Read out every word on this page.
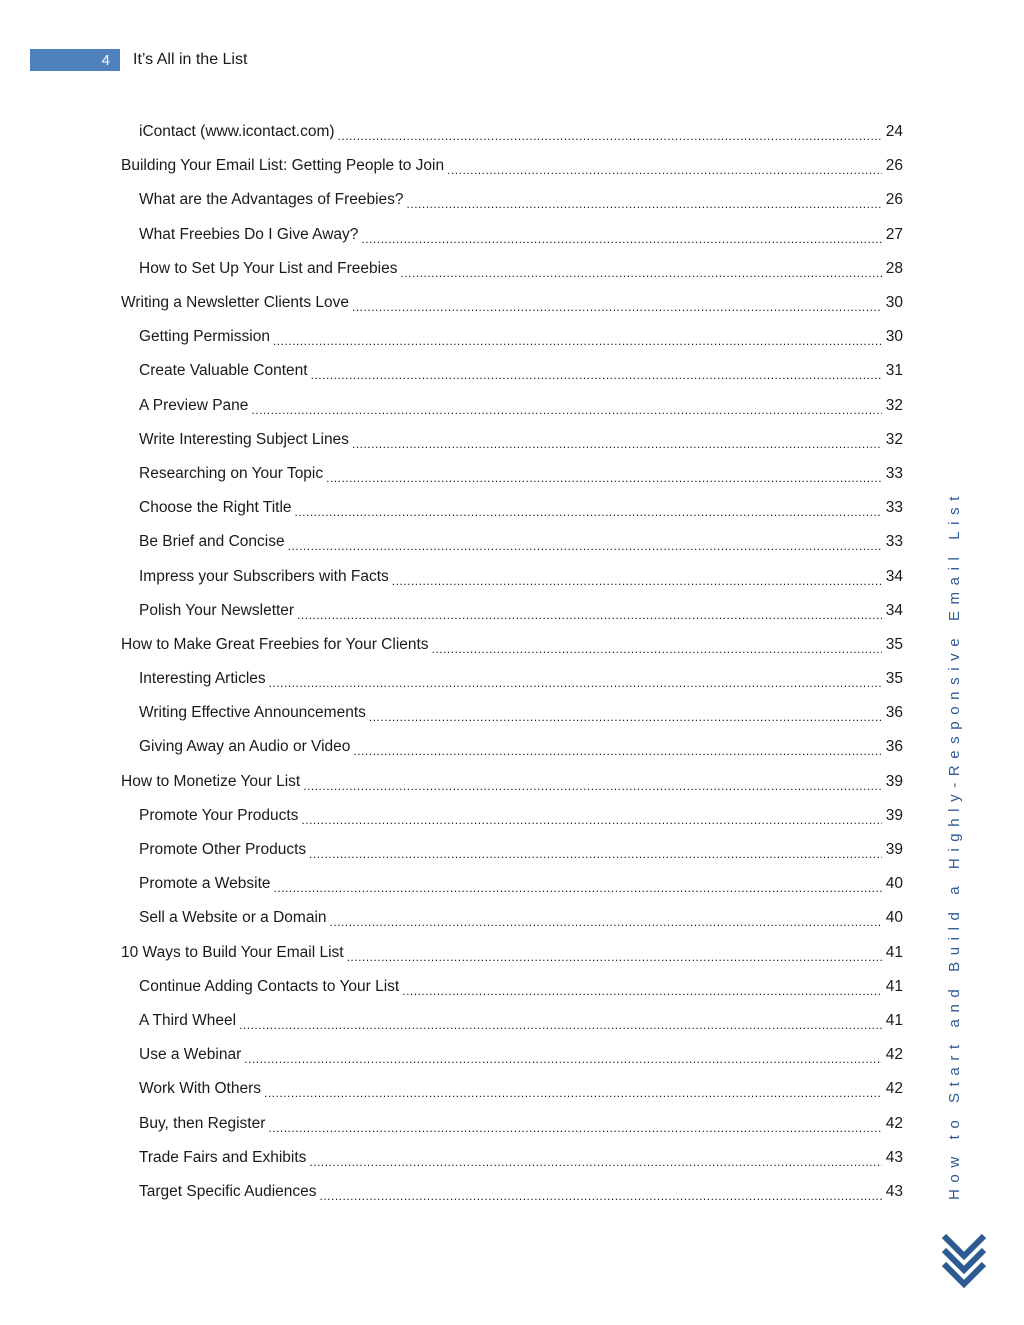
4	It’s All in the List
iContact (www.icontact.com) .....	24
Building Your Email List: Getting People to Join .....	26
What are the Advantages of Freebies? .....	26
What Freebies Do I Give Away? .....	27
How to Set Up Your List and Freebies .....	28
Writing a Newsletter Clients Love .....	30
Getting Permission .....	30
Create Valuable Content .....	31
A Preview Pane .....	32
Write Interesting Subject Lines .....	32
Researching on Your Topic .....	33
Choose the Right Title .....	33
Be Brief and Concise .....	33
Impress your Subscribers with Facts .....	34
Polish Your Newsletter .....	34
How to Make Great Freebies for Your Clients .....	35
Interesting Articles .....	35
Writing Effective Announcements .....	36
Giving Away an Audio or Video .....	36
How to Monetize Your List .....	39
Promote Your Products .....	39
Promote Other Products .....	39
Promote a Website .....	40
Sell a Website or a Domain .....	40
10 Ways to Build Your Email List .....	41
Continue Adding Contacts to Your List .....	41
A Third Wheel .....	41
Use a Webinar .....	42
Work With Others .....	42
Buy, then Register .....	42
Trade Fairs and Exhibits .....	43
Target Specific Audiences .....	43	How to Start and Build a Highly-Responsive Email List
